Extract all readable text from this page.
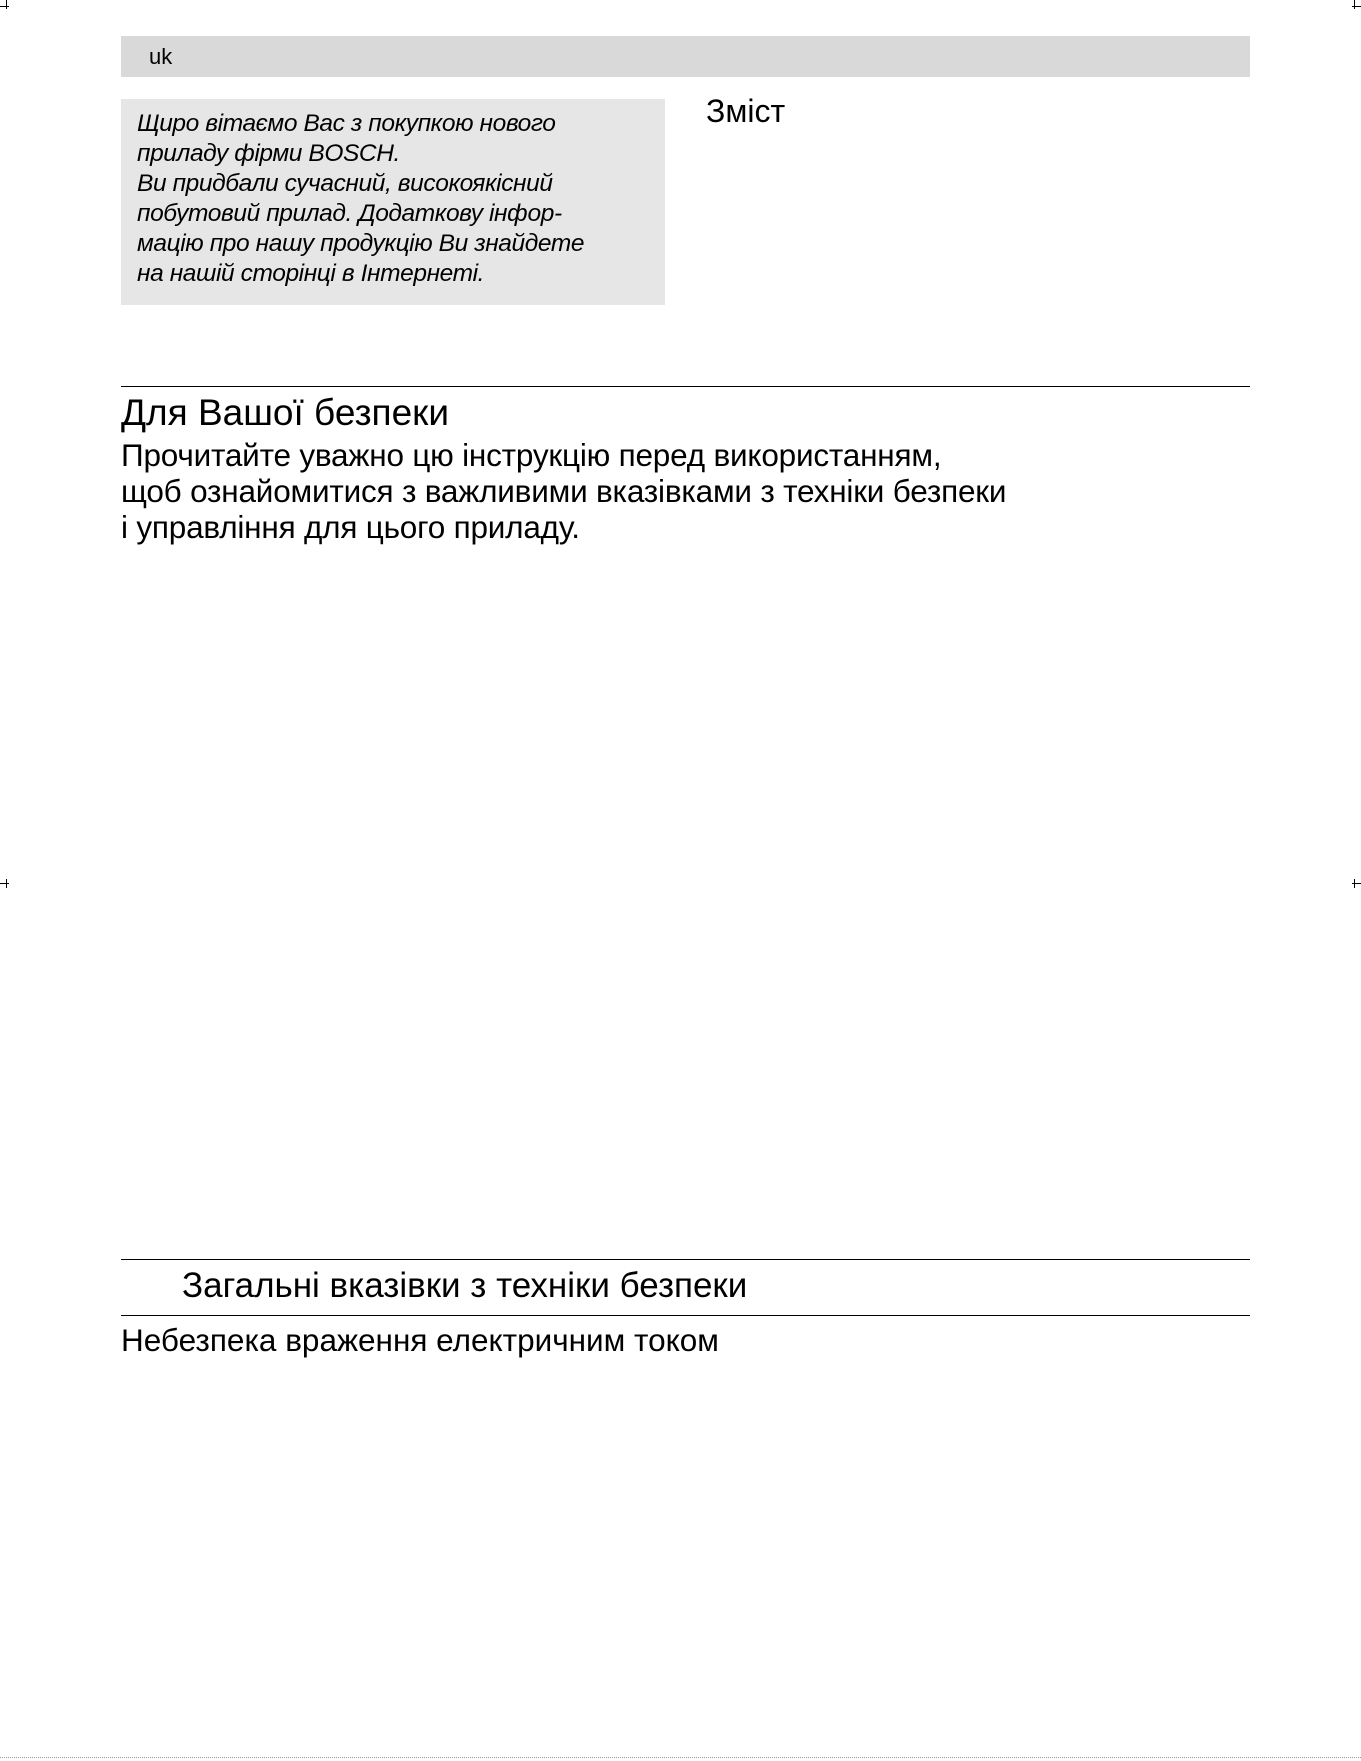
uk
Щиро вітаємо Вас з покупкою нового
приладу фірми BOSCH.
Ви придбали сучасний, високоякісний
побутовий прилад. Додаткову інфор-
мацію про нашу продукцію Ви знайдете
на нашій сторінці в Інтернеті.
Зміст
Для Вашої безпеки
Прочитайте уважно цю інструкцію перед використанням,
щоб ознайомитися з важливими вказівками з техніки безпеки
і управління для цього приладу.
Загальні вказівки з техніки безпеки
Небезпека враження електричним током
